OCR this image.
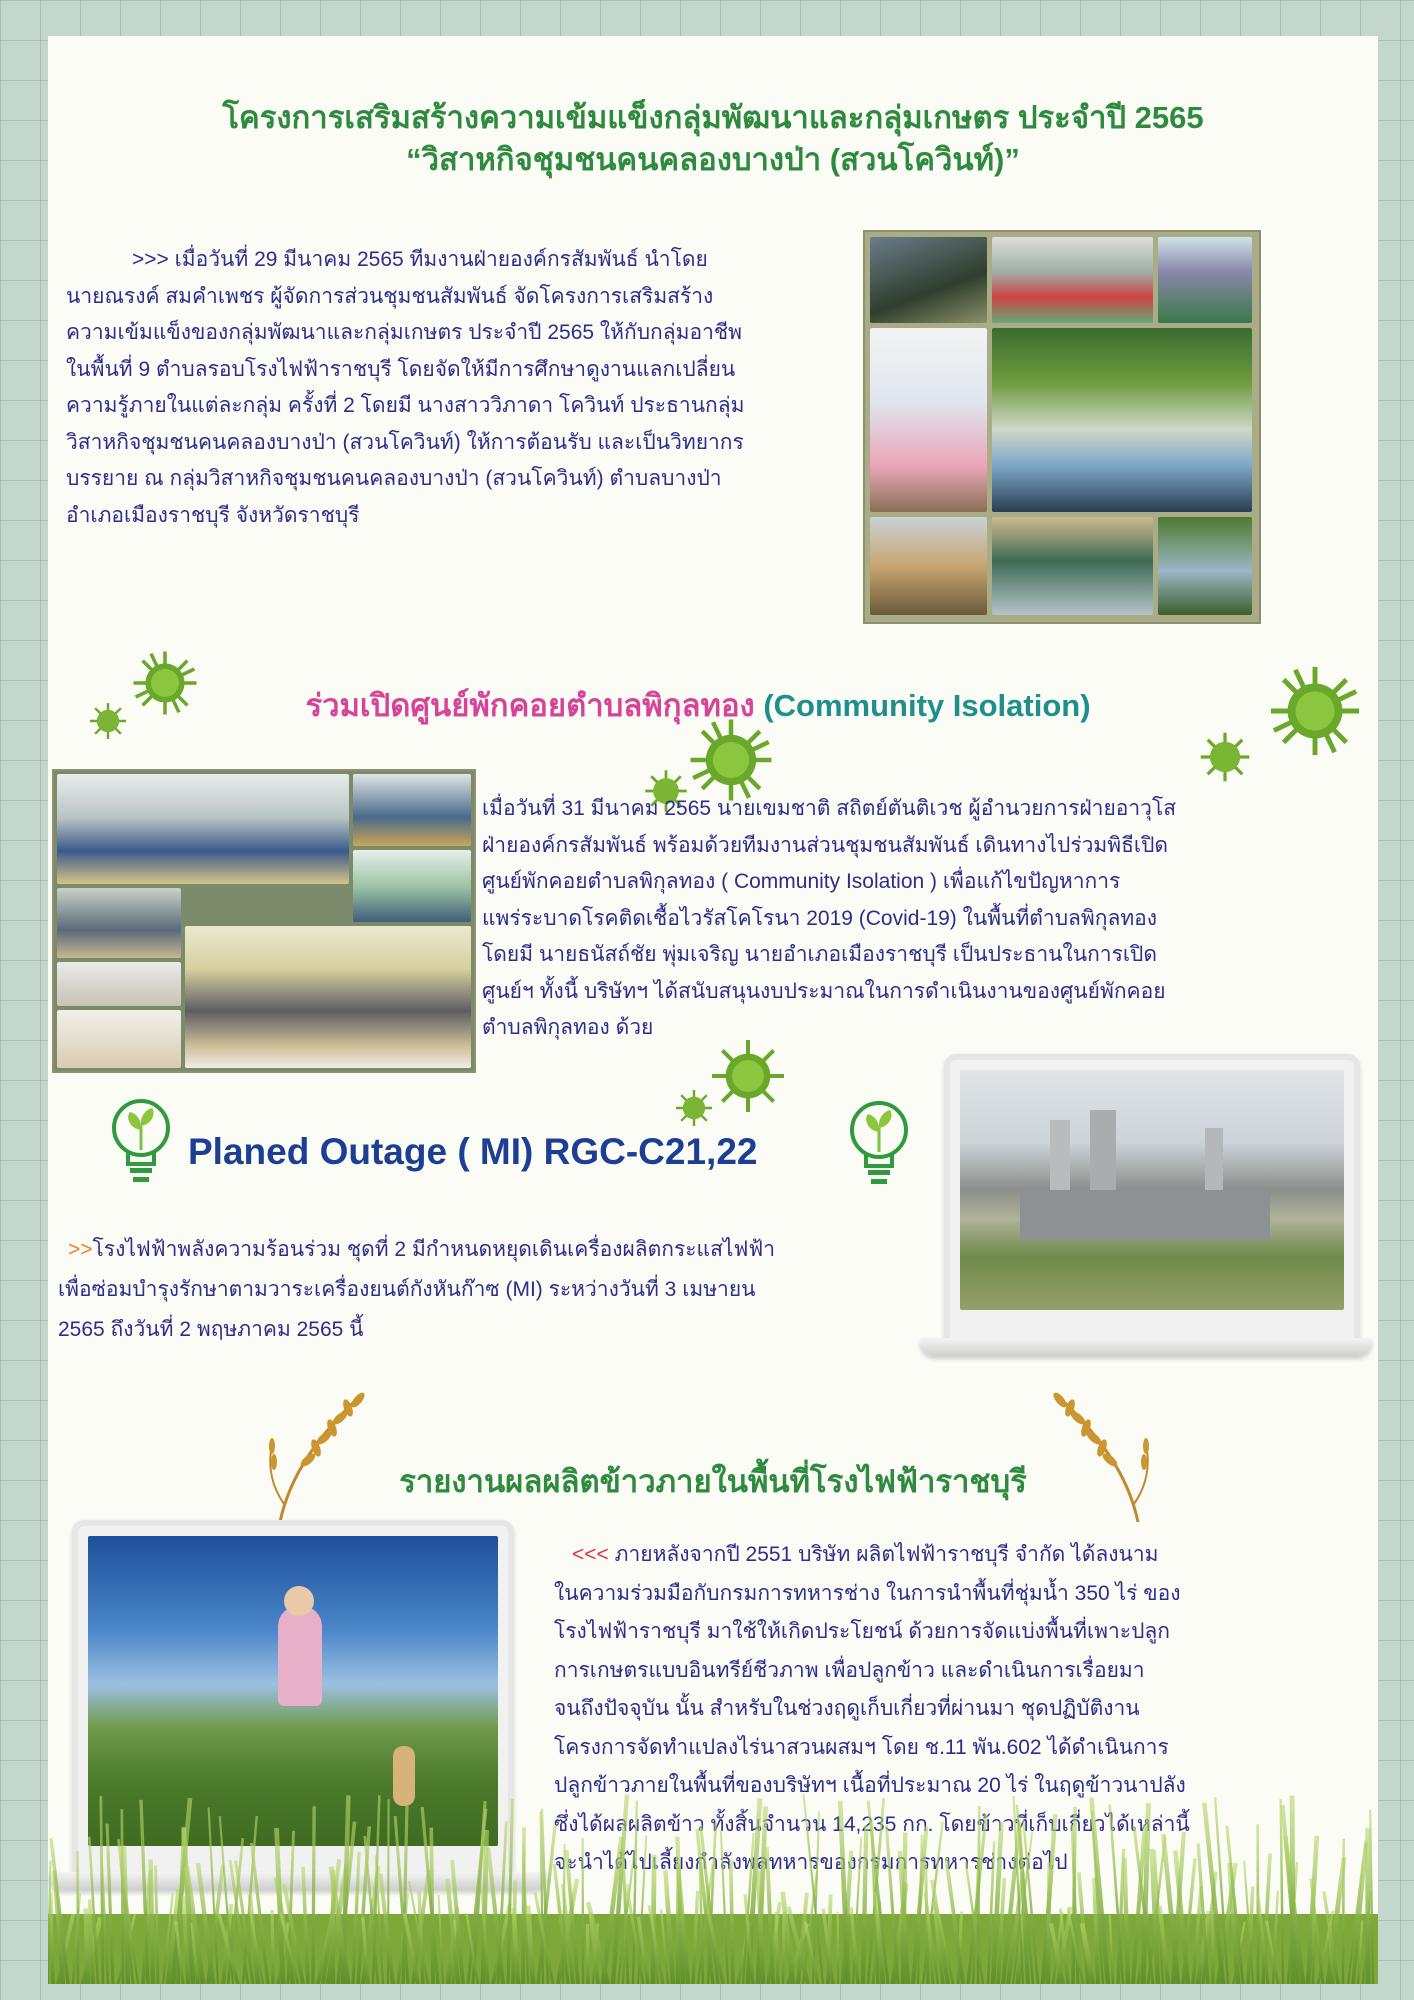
โครงการเสริมสร้างความเข้มแข็งกลุ่มพัฒนาและกลุ่มเกษตร ประจำปี 2565
“วิสาหกิจชุมชนคนคลองบางป่า (สวนโควินท์)”
>>> เมื่อวันที่ 29 มีนาคม 2565 ทีมงานฝ่ายองค์กรสัมพันธ์ นำโดย
นายณรงค์ สมคำเพชร ผู้จัดการส่วนชุมชนสัมพันธ์ จัดโครงการเสริมสร้าง
ความเข้มแข็งของกลุ่มพัฒนาและกลุ่มเกษตร ประจำปี 2565 ให้กับกลุ่มอาชีพ
ในพื้นที่ 9 ตำบลรอบโรงไฟฟ้าราชบุรี โดยจัดให้มีการศึกษาดูงานแลกเปลี่ยน
ความรู้ภายในแต่ละกลุ่ม ครั้งที่ 2 โดยมี นางสาววิภาดา โควินท์ ประธานกลุ่ม
วิสาหกิจชุมชนคนคลองบางป่า (สวนโควินท์) ให้การต้อนรับ และเป็นวิทยากร
บรรยาย ณ กลุ่มวิสาหกิจชุมชนคนคลองบางป่า (สวนโควินท์) ตำบลบางป่า
อำเภอเมืองราชบุรี จังหวัดราชบุรี
ร่วมเปิดศูนย์พักคอยตำบลพิกุลทอง (Community Isolation)
เมื่อวันที่ 31 มีนาคม 2565 นายเขมชาติ สถิตย์ตันติเวช ผู้อำนวยการฝ่ายอาวุโส
ฝ่ายองค์กรสัมพันธ์ พร้อมด้วยทีมงานส่วนชุมชนสัมพันธ์ เดินทางไปร่วมพิธีเปิด
ศูนย์พักคอยตำบลพิกุลทอง ( Community Isolation ) เพื่อแก้ไขปัญหาการ
แพร่ระบาดโรคติดเชื้อไวรัสโคโรนา 2019 (Covid-19) ในพื้นที่ตำบลพิกุลทอง
โดยมี นายธนัสถ์ชัย พุ่มเจริญ นายอำเภอเมืองราชบุรี เป็นประธานในการเปิด
ศูนย์ฯ ทั้งนี้ บริษัทฯ ได้สนับสนุนงบประมาณในการดำเนินงานของศูนย์พักคอย
ตำบลพิกุลทอง ด้วย
Planed Outage ( MI) RGC-C21,22
>>โรงไฟฟ้าพลังความร้อนร่วม ชุดที่ 2 มีกำหนดหยุดเดินเครื่องผลิตกระแสไฟฟ้า
เพื่อซ่อมบำรุงรักษาตามวาระเครื่องยนต์กังหันก๊าซ (MI) ระหว่างวันที่ 3 เมษายน
2565 ถึงวันที่ 2 พฤษภาคม 2565 นี้
รายงานผลผลิตข้าวภายในพื้นที่โรงไฟฟ้าราชบุรี
<<< ภายหลังจากปี 2551 บริษัท ผลิตไฟฟ้าราชบุรี จำกัด ได้ลงนาม
ในความร่วมมือกับกรมการทหารช่าง ในการนำพื้นที่ชุ่มน้ำ 350 ไร่ ของ
โรงไฟฟ้าราชบุรี มาใช้ให้เกิดประโยชน์ ด้วยการจัดแบ่งพื้นที่เพาะปลูก
การเกษตรแบบอินทรีย์ชีวภาพ เพื่อปลูกข้าว และดำเนินการเรื่อยมา
จนถึงปัจจุบัน นั้น สำหรับในช่วงฤดูเก็บเกี่ยวที่ผ่านมา ชุดปฏิบัติงาน
โครงการจัดทำแปลงไร่นาสวนผสมฯ โดย ช.11 พัน.602 ได้ดำเนินการ
ปลูกข้าวภายในพื้นที่ของบริษัทฯ เนื้อที่ประมาณ 20 ไร่ ในฤดูข้าวนาปลัง
ซึ่งได้ผลผลิตข้าว ทั้งสิ้นจำนวน 14,235 กก. โดยข้าวที่เก็บเกี่ยวได้เหล่านี้
จะนำได้ไปเลี้ยงกำลังพลทหารของกรมการทหารช่างต่อไป
